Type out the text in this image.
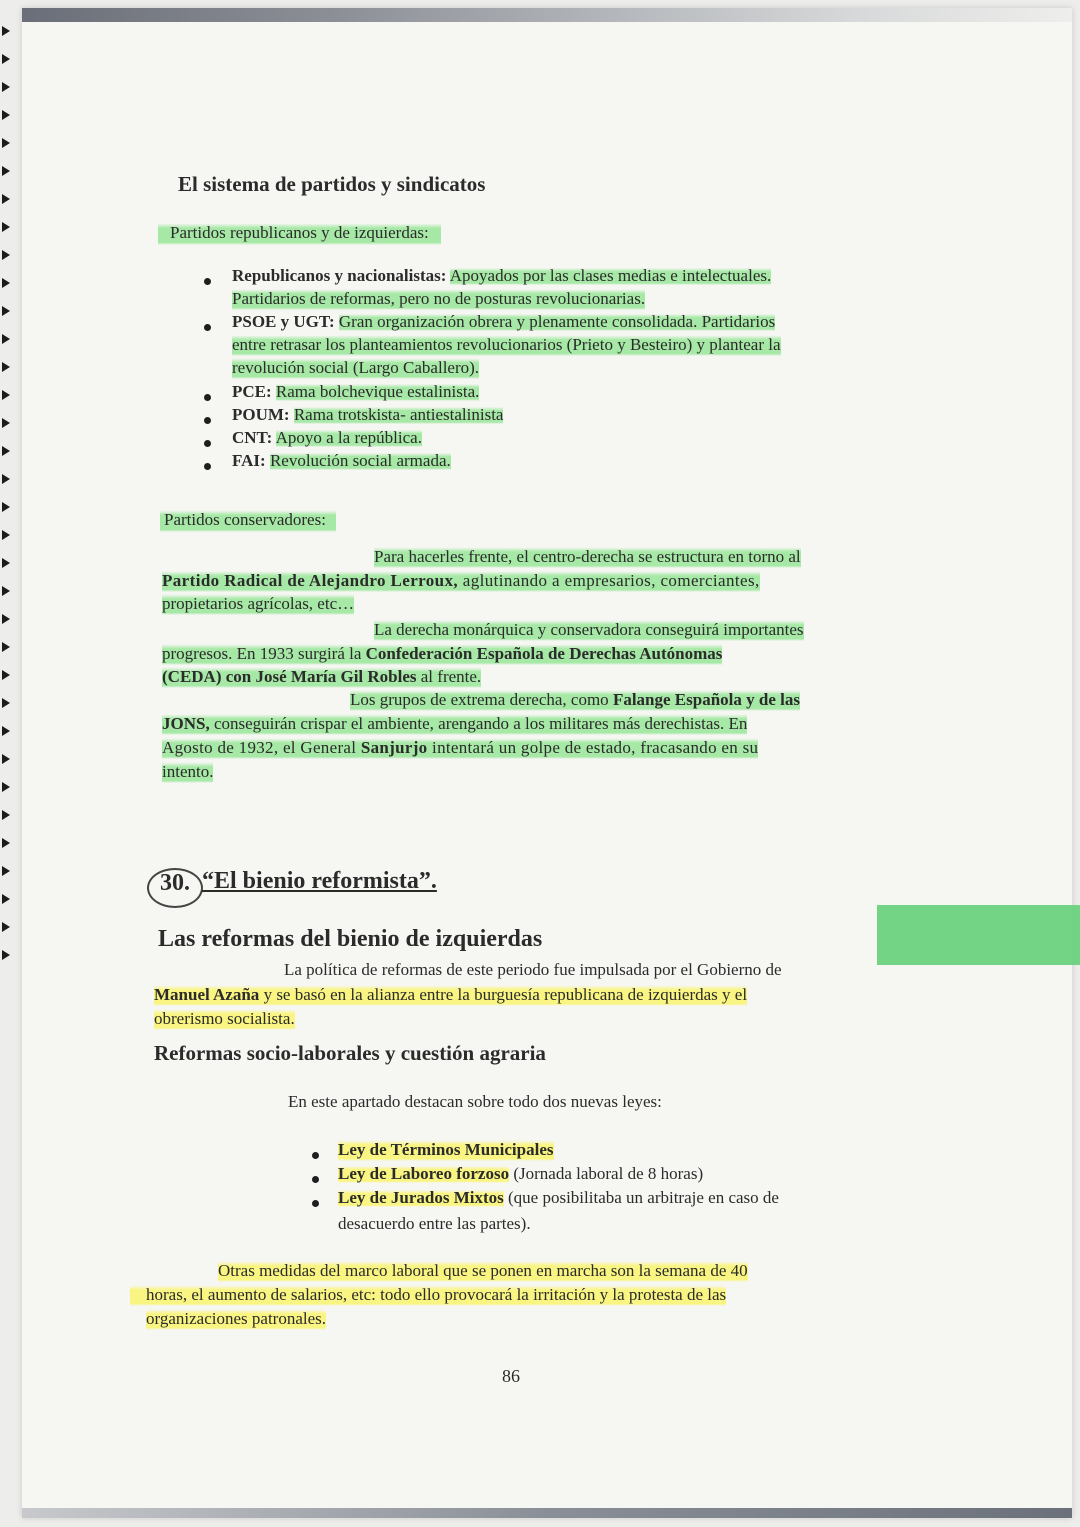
El sistema de partidos y sindicatos
Partidos republicanos y de izquierdas:
Republicanos y nacionalistas: Apoyados por las clases medias e intelectuales.
Partidarios de reformas, pero no de posturas revolucionarias.
PSOE y UGT: Gran organización obrera y plenamente consolidada. Partidarios
entre retrasar los planteamientos revolucionarios (Prieto y Besteiro) y plantear la
revolución social (Largo Caballero).
PCE: Rama bolchevique estalinista.
POUM: Rama trotskista- antiestalinista
CNT: Apoyo a la república.
FAI: Revolución social armada.
Partidos conservadores:
Para hacerles frente, el centro-derecha se estructura en torno al
Partido Radical de Alejandro Lerroux, aglutinando a empresarios, comerciantes,
propietarios agrícolas, etc…
La derecha monárquica y conservadora conseguirá importantes
progresos. En 1933 surgirá la Confederación Española de Derechas Autónomas
(CEDA) con José María Gil Robles al frente.
Los grupos de extrema derecha, como Falange Española y de las
JONS, conseguirán crispar el ambiente, arengando a los militares más derechistas. En
Agosto de 1932, el General Sanjurjo intentará un golpe de estado, fracasando en su
intento.
30. “El bienio reformista”.
Las reformas del bienio de izquierdas
La política de reformas de este periodo fue impulsada por el Gobierno de
Manuel Azaña y se basó en la alianza entre la burguesía republicana de izquierdas y el
obrerismo socialista.
Reformas socio-laborales y cuestión agraria
En este apartado destacan sobre todo dos nuevas leyes:
Ley de Términos Municipales
Ley de Laboreo forzoso (Jornada laboral de 8 horas)
Ley de Jurados Mixtos (que posibilitaba un arbitraje en caso de
desacuerdo entre las partes).
Otras medidas del marco laboral que se ponen en marcha son la semana de 40
horas, el aumento de salarios, etc: todo ello provocará la irritación y la protesta de las
organizaciones patronales.
86
